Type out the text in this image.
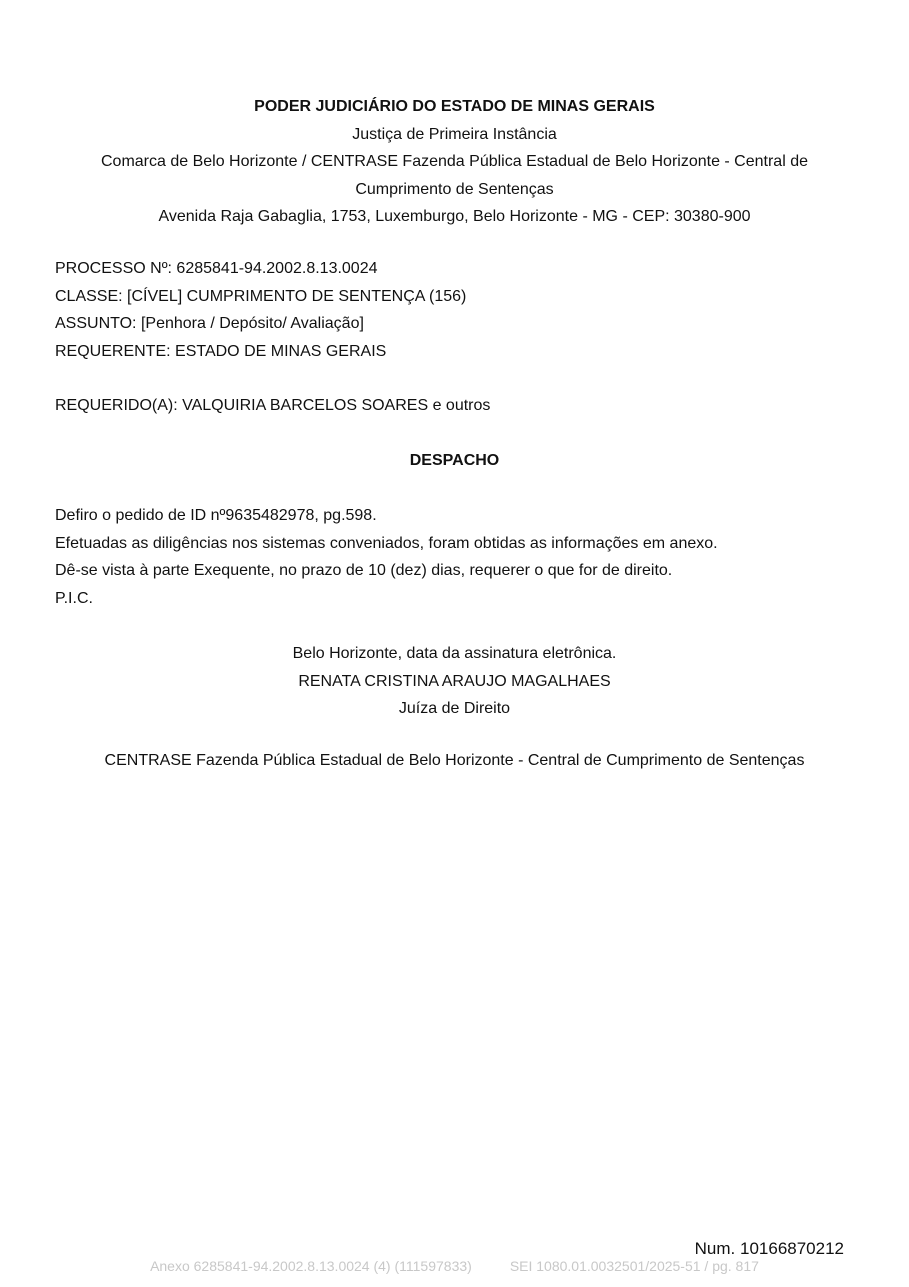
PODER JUDICIÁRIO DO ESTADO DE MINAS GERAIS
Justiça de Primeira Instância
Comarca de Belo Horizonte / CENTRASE Fazenda Pública Estadual de Belo Horizonte - Central de
Cumprimento de Sentenças
Avenida Raja Gabaglia, 1753, Luxemburgo, Belo Horizonte - MG - CEP: 30380-900
PROCESSO Nº: 6285841-94.2002.8.13.0024
CLASSE: [CÍVEL] CUMPRIMENTO DE SENTENÇA (156)
ASSUNTO: [Penhora / Depósito/ Avaliação]
REQUERENTE: ESTADO DE MINAS GERAIS
REQUERIDO(A): VALQUIRIA BARCELOS SOARES e outros
DESPACHO
Defiro o pedido de ID nº9635482978, pg.598.
Efetuadas as diligências nos sistemas conveniados, foram obtidas as informações em anexo.
Dê-se vista à parte Exequente, no prazo de 10 (dez) dias, requerer o que for de direito.
P.I.C.
Belo Horizonte, data da assinatura eletrônica.
RENATA CRISTINA ARAUJO MAGALHAES
Juíza de Direito
CENTRASE Fazenda Pública Estadual de Belo Horizonte - Central de Cumprimento de Sentenças
Num. 10166870212
Anexo 6285841-94.2002.8.13.0024 (4) (111597833)	SEI 1080.01.0032501/2025-51 / pg. 817
